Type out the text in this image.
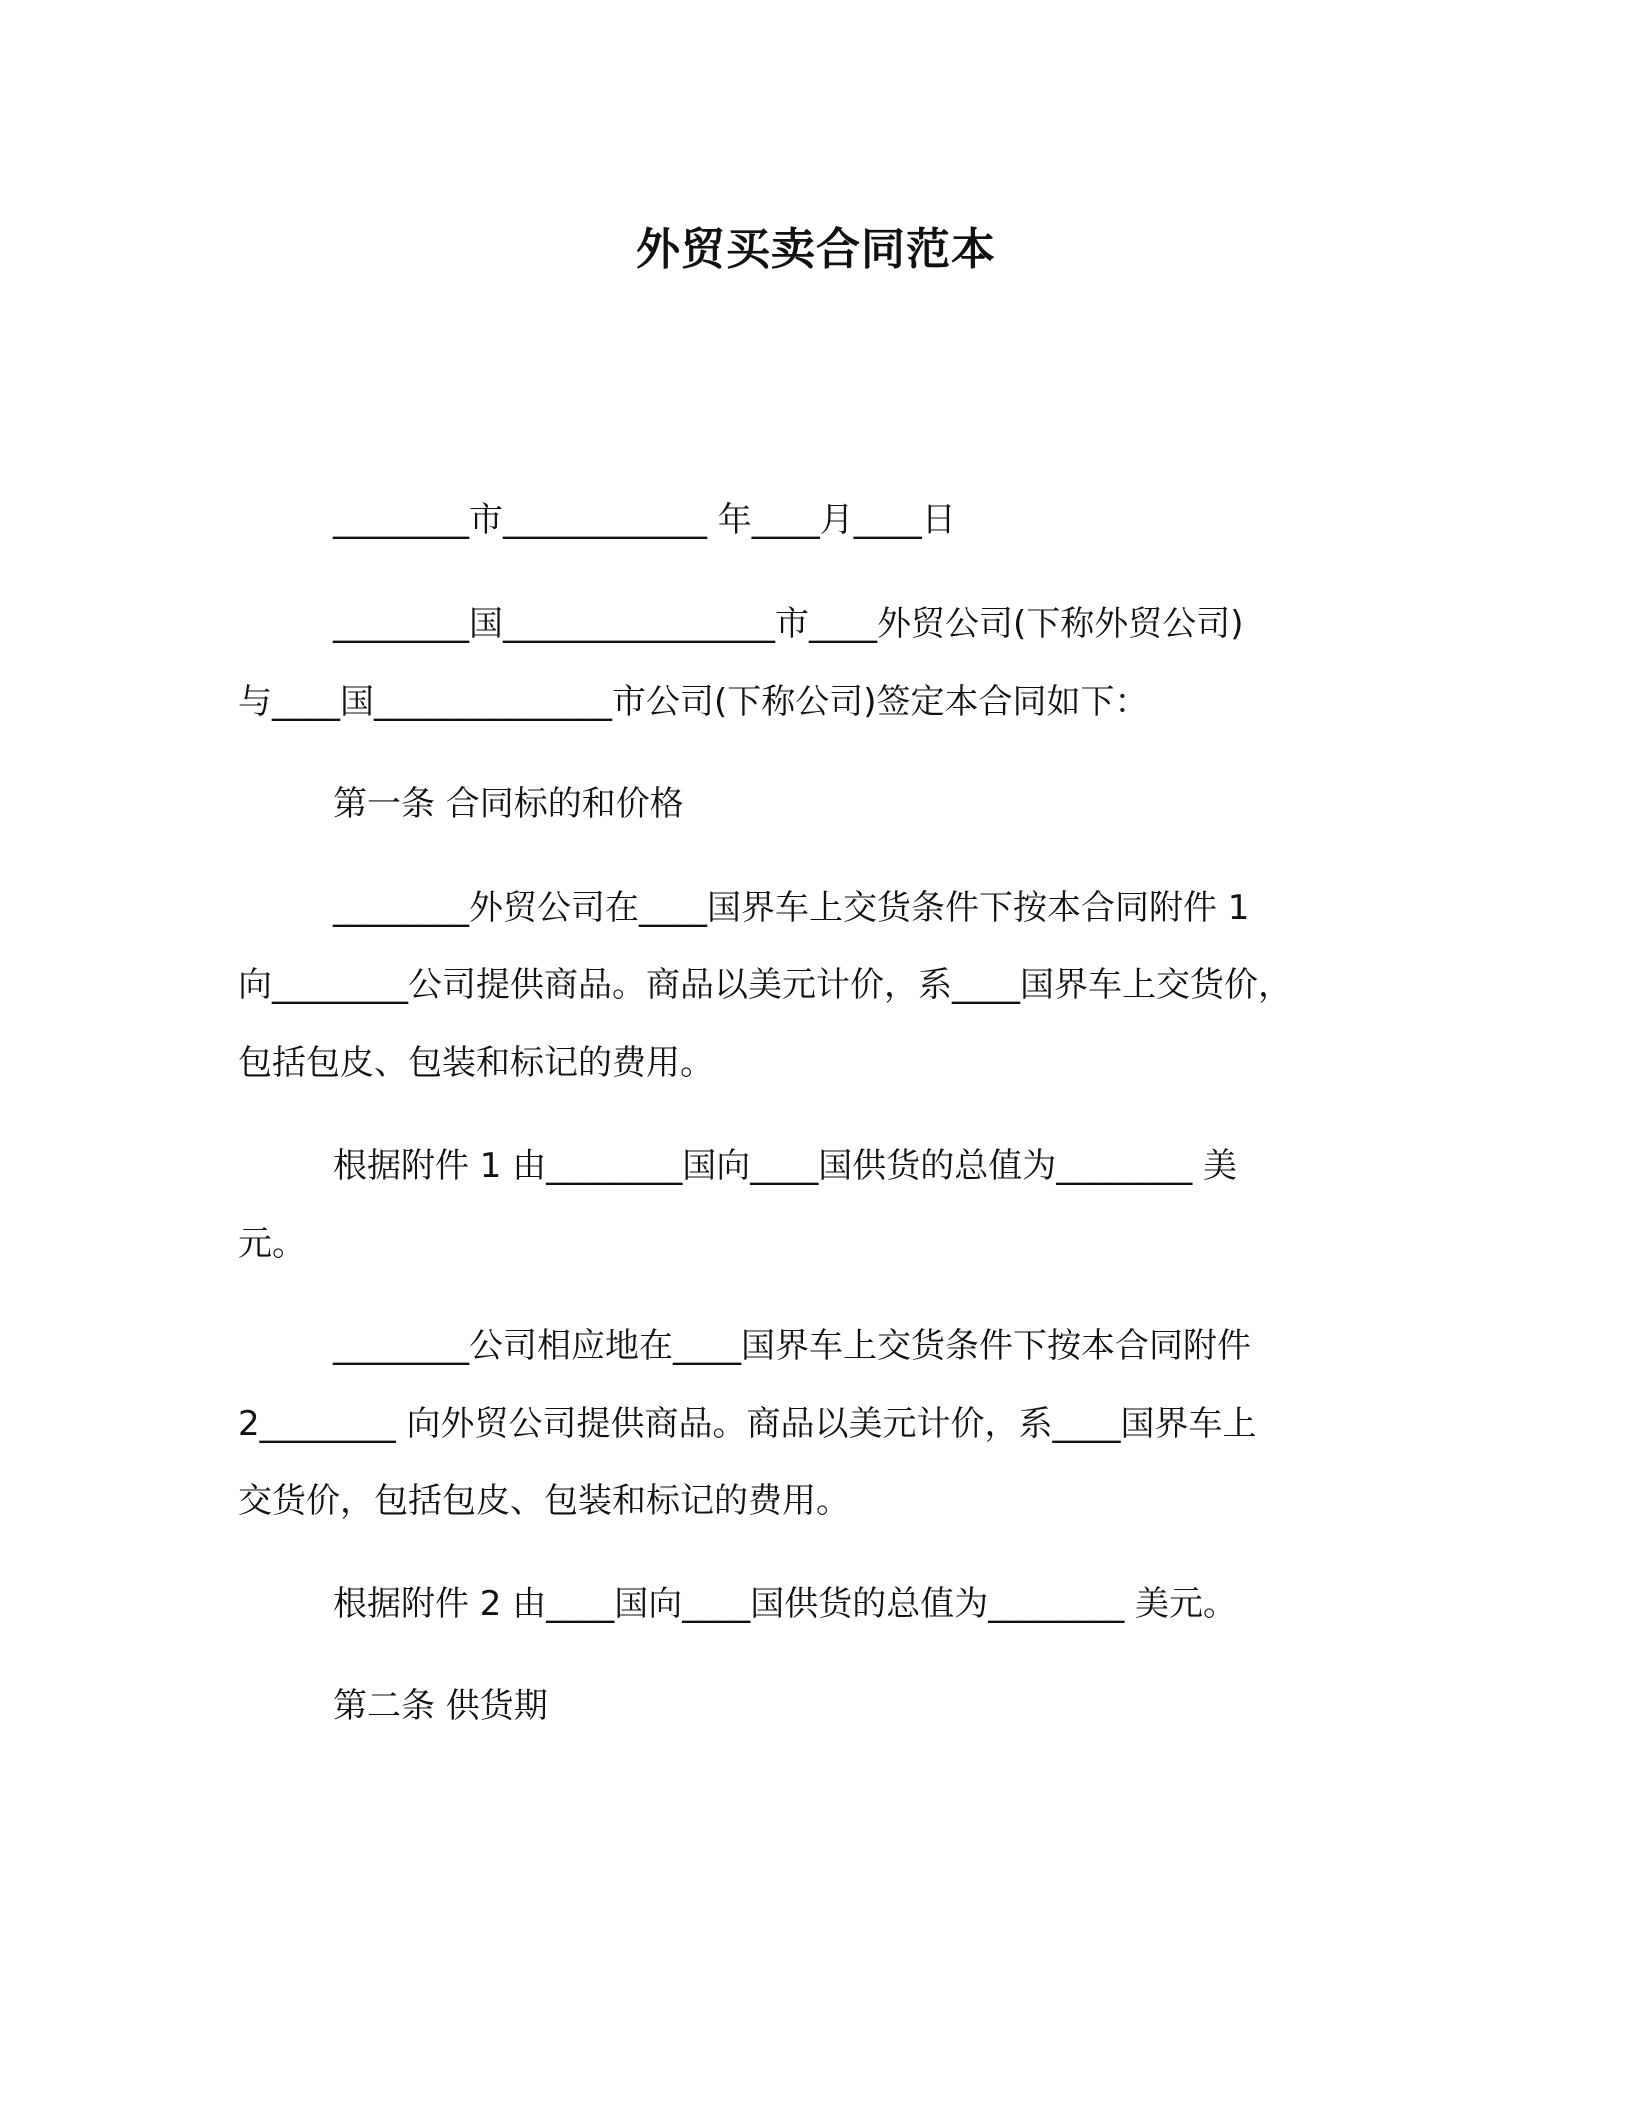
外贸买卖合同范本
________市____________ 年____月____日
________国________________市____外贸公司(下称外贸公司)
与____国______________市公司(下称公司)签定本合同如下：
第一条 合同标的和价格
________外贸公司在____国界车上交货条件下按本合同附件 1
向________公司提供商品。商品以美元计价，系____国界车上交货价，
包括包皮、包装和标记的费用。
根据附件 1 由________国向____国供货的总值为________ 美
元。
________公司相应地在____国界车上交货条件下按本合同附件
2________ 向外贸公司提供商品。商品以美元计价，系____国界车上
交货价，包括包皮、包装和标记的费用。
根据附件 2 由____国向____国供货的总值为________ 美元。
第二条 供货期
